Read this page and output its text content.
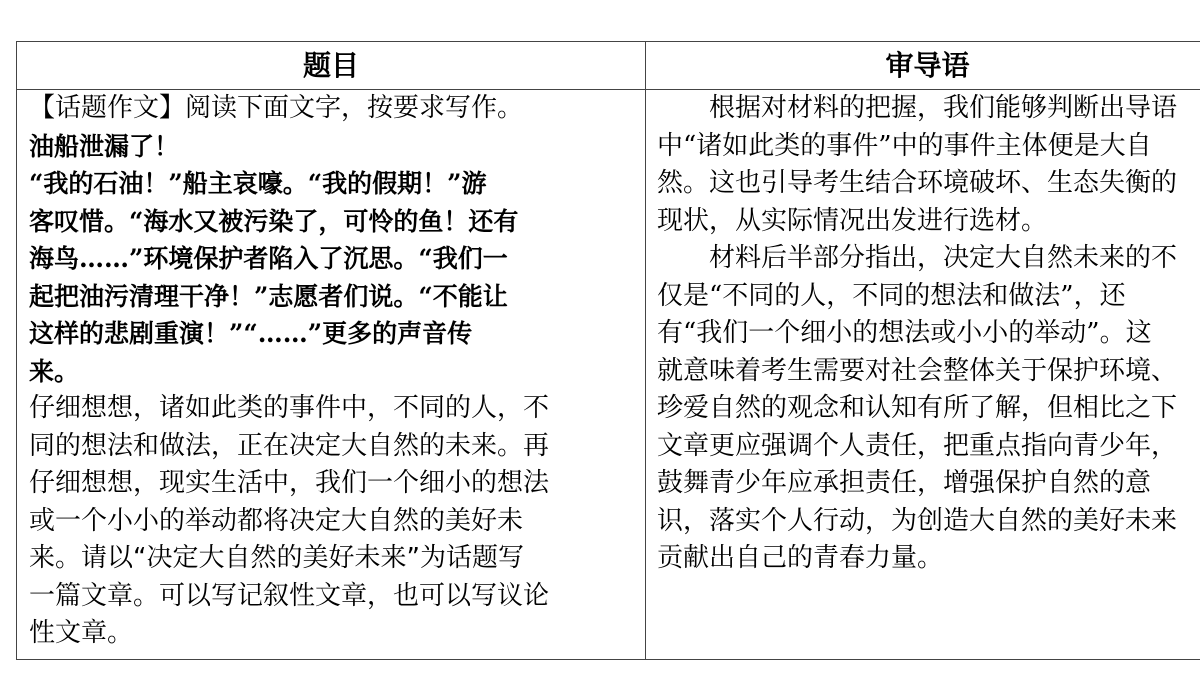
题目	审导语
【话题作文】阅读下面文字，按要求写作。
油船泄漏了！
“我的石油！”船主哀嚎。“我的假期！”游
客叹惜。“海水又被污染了，可怜的鱼！还有
海鸟……”环境保护者陷入了沉思。“我们一
起把油污清理干净！”志愿者们说。“不能让
这样的悲剧重演！”“……”更多的声音传
来。
仔细想想，诸如此类的事件中，不同的人，不
同的想法和做法，正在决定大自然的未来。再
仔细想想，现实生活中，我们一个细小的想法
或一个小小的举动都将决定大自然的美好未
来。请以“决定大自然的美好未来”为话题写
一篇文章。可以写记叙性文章，也可以写议论
性文章。

根据对材料的把握，我们能够判断出导语中“诸如此类的事件”中的事件主体便是大自然。这也引导考生结合环境破坏、生态失衡的现状，从实际情况出发进行选材。

材料后半部分指出，决定大自然未来的不仅是“不同的人，不同的想法和做法”，还有“我们一个细小的想法或小小的举动”。这就意味着考生需要对社会整体关于保护环境、珍爱自然的观念和认知有所了解，但相比之下文章更应强调个人责任，把重点指向青少年，鼓舞青少年应承担责任，增强保护自然的意识，落实个人行动，为创造大自然的美好未来贡献出自己的青春力量。
